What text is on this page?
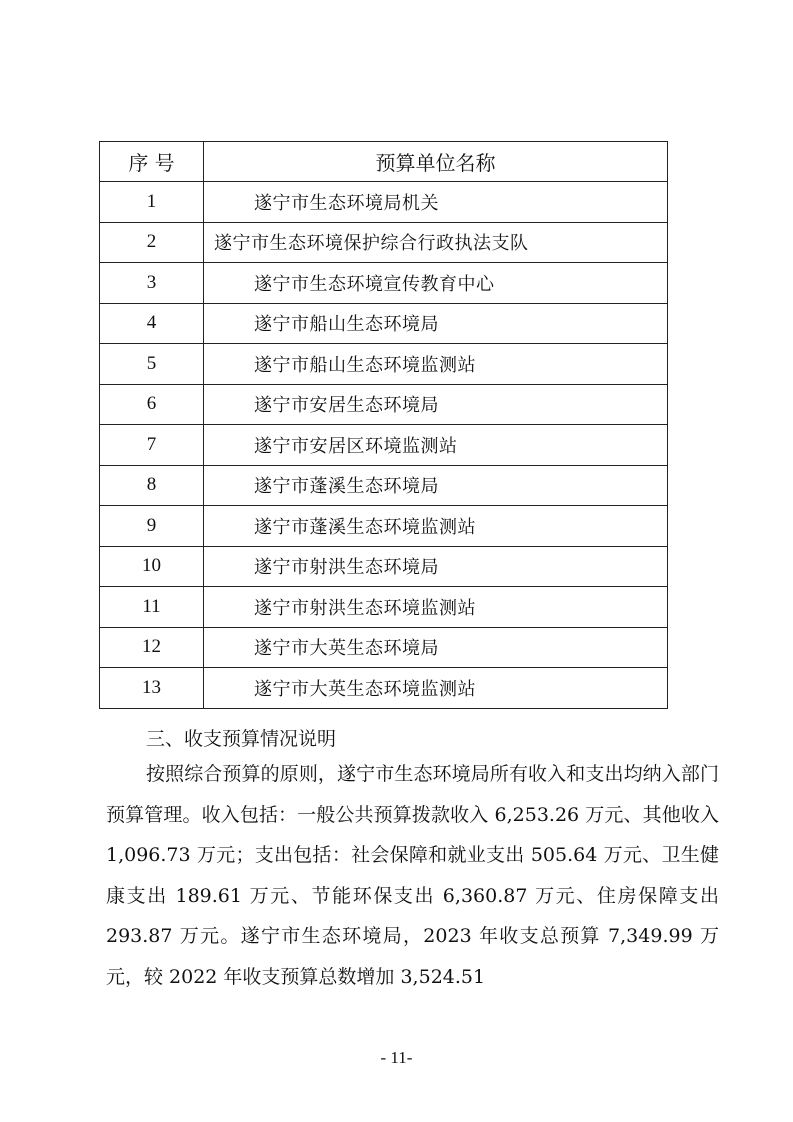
序 号	预算单位名称
1	遂宁市生态环境局机关
2	遂宁市生态环境保护综合行政执法支队
3	遂宁市生态环境宣传教育中心
4	遂宁市船山生态环境局
5	遂宁市船山生态环境监测站
6	遂宁市安居生态环境局
7	遂宁市安居区环境监测站
8	遂宁市蓬溪生态环境局
9	遂宁市蓬溪生态环境监测站
10	遂宁市射洪生态环境局
11	遂宁市射洪生态环境监测站
12	遂宁市大英生态环境局
13	遂宁市大英生态环境监测站
三、收支预算情况说明

按照综合预算的原则，遂宁市生态环境局所有收入和支出均纳入部门预算管理。收入包括：一般公共预算拨款收入 6,253.26 万元、其他收入 1,096.73 万元；支出包括：社会保障和就业支出 505.64 万元、卫生健康支出 189.61 万元、节能环保支出 6,360.87 万元、住房保障支出 293.87 万元。遂宁市生态环境局，2023 年收支总预算 7,349.99 万元，较 2022 年收支预算总数增加 3,524.51

- 11-
